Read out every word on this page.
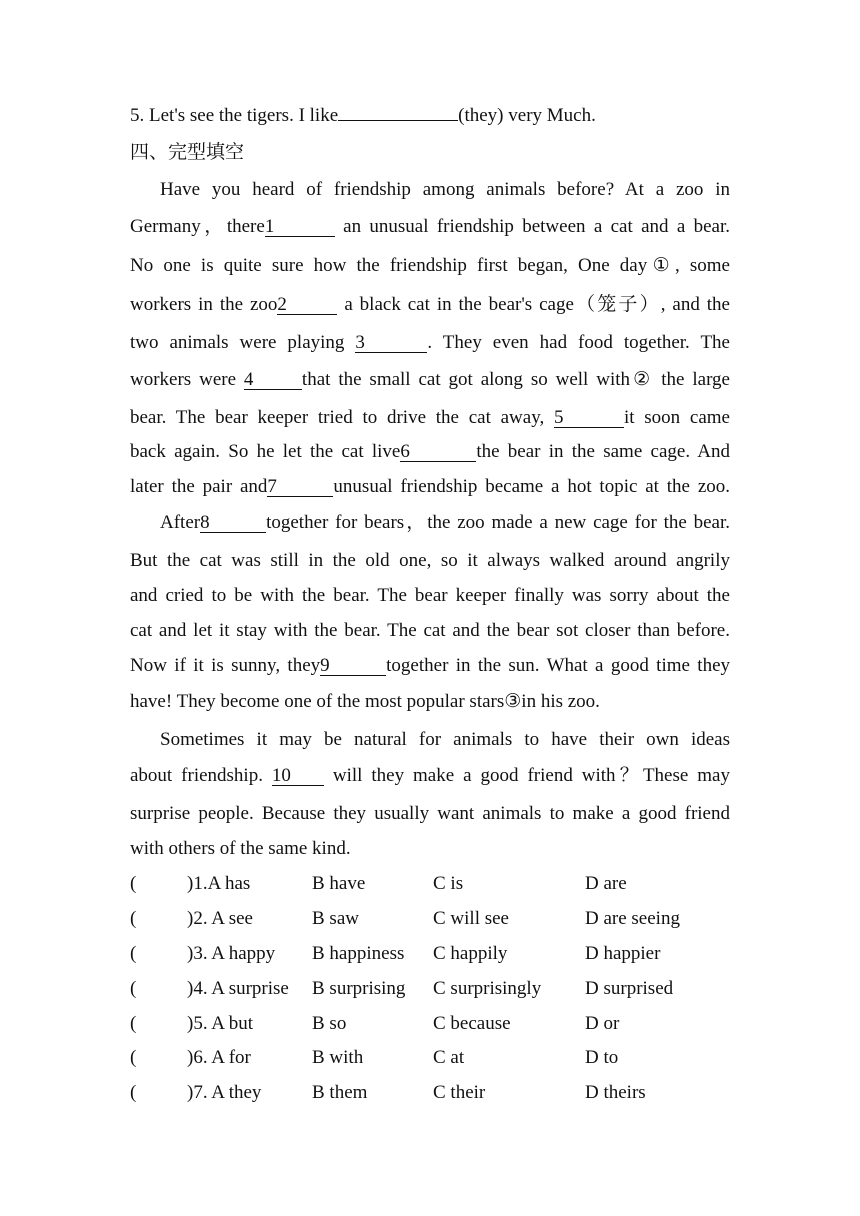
5. Let's see the tigers. I like	(they) very Much.
四、完型填空
Have you heard of friendship among animals before? At a zoo in
Germany，there1	an unusual friendship between a cat and a bear.
No one is quite sure how the friendship first began, One day①, some
workers in the zoo2	a black cat in the bear's cage（笼子）, and the
two animals were playing 3	. They even had food together. The
workers were 4	that the small cat got along so well with② the large
bear. The bear keeper tried to drive the cat away, 5	it soon came
back again. So he let the cat live6	the bear in the same cage. And
later the pair and7	unusual friendship became a hot topic at the zoo.
After8	together for bears，the zoo made a new cage for the bear.
But the cat was still in the old one, so it always walked around angrily
and cried to be with the bear. The bear keeper finally was sorry about the
cat and let it stay with the bear. The cat and the bear sot closer than before.
Now if it is sunny, they9	together in the sun. What a good time they
have! They become one of the most popular stars③in his zoo.
Sometimes it may be natural for animals to have their own ideas
about friendship. 10 will they make a good friend with？These may
surprise people. Because they usually want animals to make a good friend
with others of the same kind.
(	)1.A has	B have	C is	D are
(	)2. A see	B saw	C will see	D are seeing
(	)3. A happy B happiness C happily	D happier
(	)4. A surprise B surprising C surprisingly D surprised
(	)5. A but	B so	C because	D or
(	)6. A for	B with	C at	D to
(	)7. A they	B them	C their	D theirs
